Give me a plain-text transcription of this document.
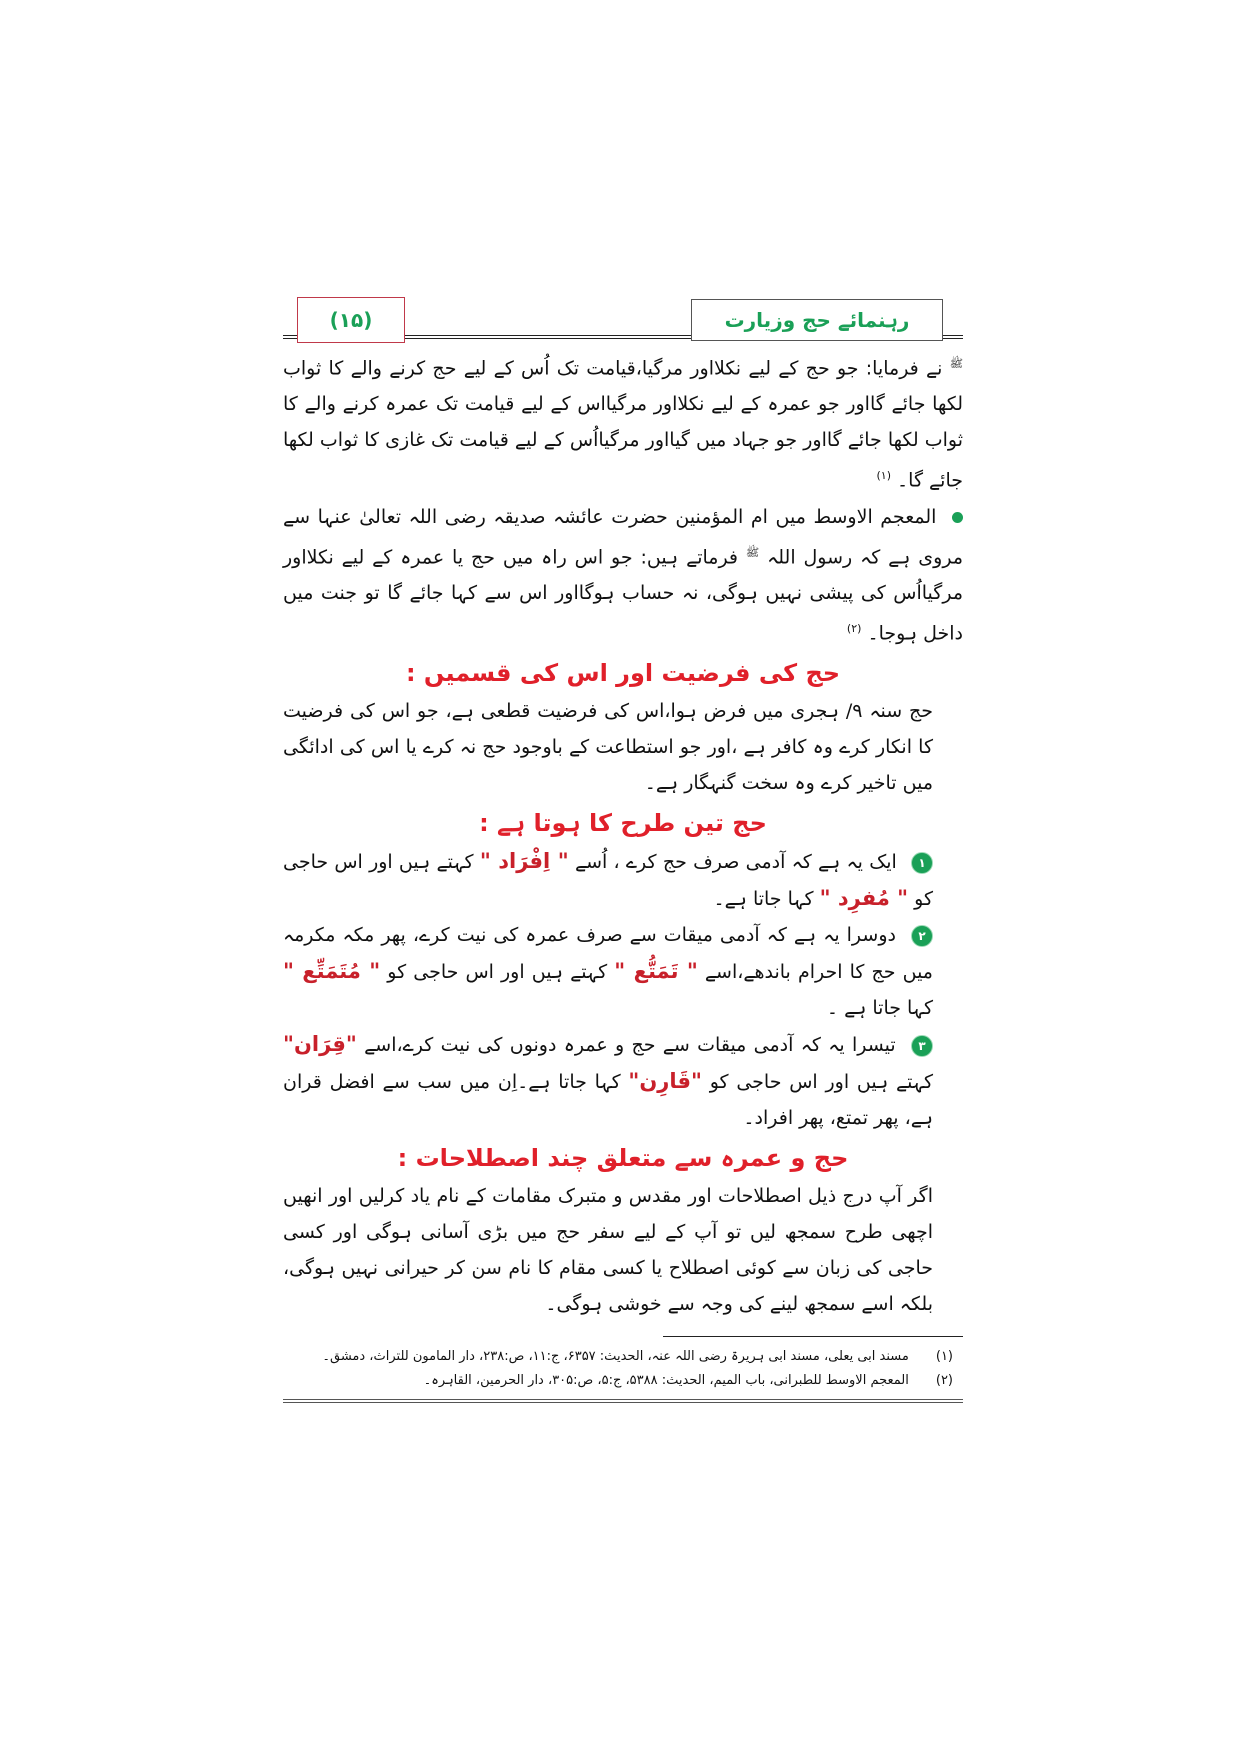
(۱۵)	رہنمائے حج وزیارت

$^ﷺ$ نے فرمایا: جو حج کے لیے نکلااور مرگیا،قیامت تک اُس کے لیے حج کرنے والے کا ثواب لکھا جائے گااور جو عمرہ کے لیے نکلااور مرگیااس کے لیے قیامت تک عمرہ کرنے والے کا ثواب لکھا جائے گااور جو جہاد میں گیااور مرگیااُس کے لیے قیامت تک غازی کا ثواب لکھا جائے گا۔ $^{(۱)}$

المعجم الاوسط میں ام المؤمنین حضرت عائشہ صدیقہ رضی اللہ تعالیٰ عنہا سے مروی ہے کہ رسول اللہ $^ﷺ$ فرماتے ہیں: جو اس راہ میں حج یا عمرہ کے لیے نکلااور مرگیااُس کی پیشی نہیں ہوگی، نہ حساب ہوگااور اس سے کہا جائے گا تو جنت میں داخل ہوجا۔ $^{(۲)}$

حج کی فرضیت اور اس کی قسمیں :

حج سنہ ۹/ ہجری میں فرض ہوا،اس کی فرضیت قطعی ہے، جو اس کی فرضیت کا انکار کرے وہ کافر ہے ،اور جو استطاعت کے باوجود حج نہ کرے یا اس کی ادائگی میں تاخیر کرے وہ سخت گنہگار ہے۔

حج تین طرح کا ہوتا ہے :

۱ ایک یہ ہے کہ آدمی صرف حج کرے ، اُسے " اِفْرَاد " کہتے ہیں اور اس حاجی کو " مُفرِد " کہا جاتا ہے۔

۲ دوسرا یہ ہے کہ آدمی میقات سے صرف عمرہ کی نیت کرے، پھر مکہ مکرمہ میں حج کا احرام باندھے،اسے " تَمَتُّع " کہتے ہیں اور اس حاجی کو " مُتَمَتِّع " کہا جاتا ہے ۔

۳ تیسرا یہ کہ آدمی میقات سے حج و عمرہ دونوں کی نیت کرے،اسے "قِرَان" کہتے ہیں اور اس حاجی کو "قَارِن" کہا جاتا ہے۔اِن میں سب سے افضل قران ہے، پھر تمتع، پھر افراد۔

حج و عمرہ سے متعلق چند اصطلاحات :

اگر آپ درج ذیل اصطلاحات اور مقدس و متبرک مقامات کے نام یاد کرلیں اور انھیں اچھی طرح سمجھ لیں تو آپ کے لیے سفر حج میں بڑی آسانی ہوگی اور کسی حاجی کی زبان سے کوئی اصطلاح یا کسی مقام کا نام سن کر حیرانی نہیں ہوگی، بلکہ اسے سمجھ لینے کی وجہ سے خوشی ہوگی۔

(۱) مسند ابی یعلی، مسند ابی ہریرۃ رضی اللہ عنہ، الحدیث: ۶۳۵۷، ج:۱۱، ص:۲۳۸، دار المامون للتراث، دمشق۔
(۲) المعجم الاوسط للطبرانی، باب المیم، الحدیث: ۵۳۸۸، ج:۵، ص:۳۰۵، دار الحرمین، القاہرہ۔
